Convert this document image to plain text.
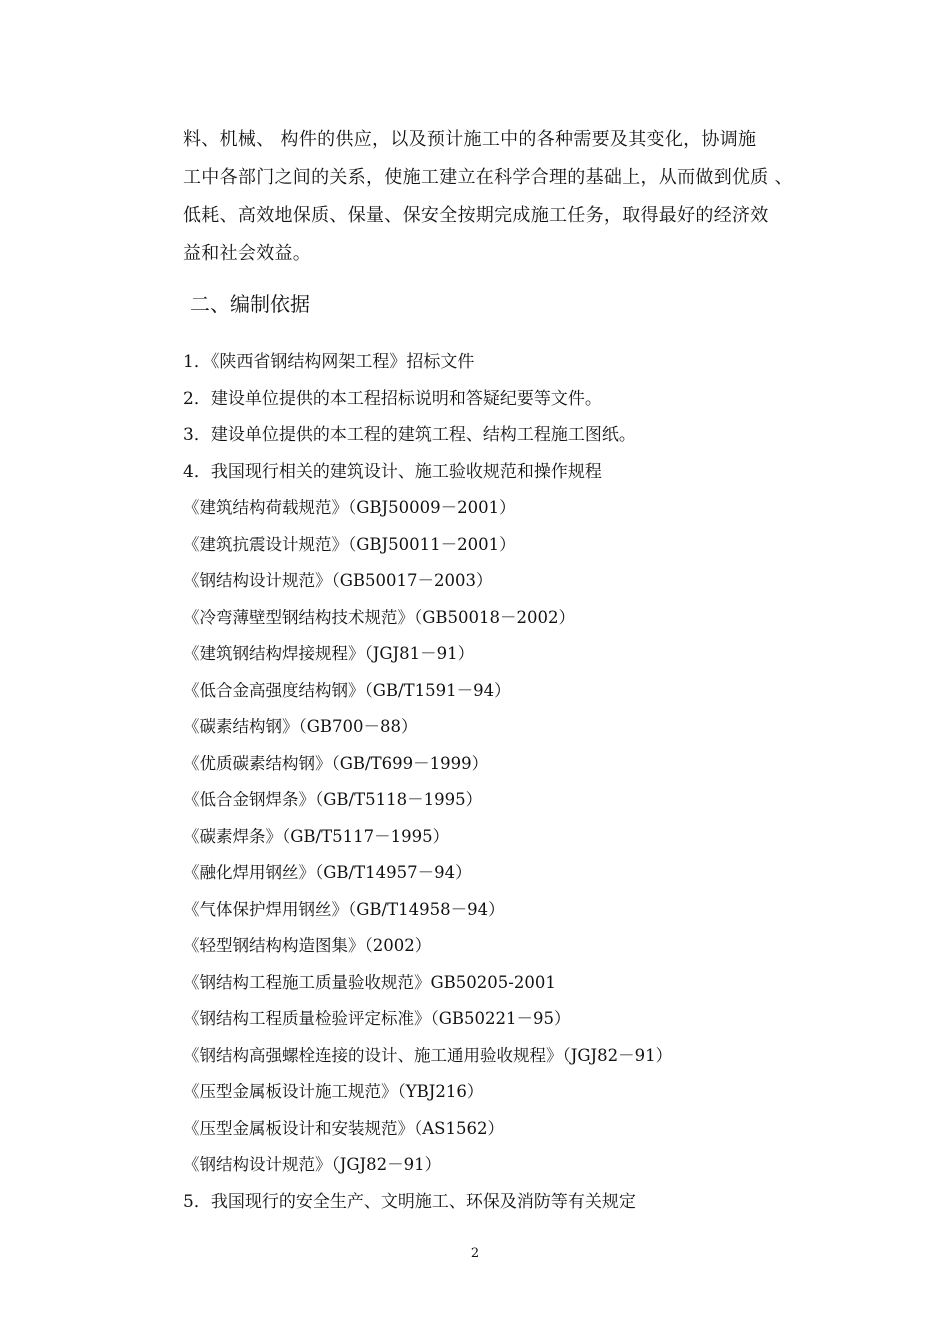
料、机械、 构件的供应，以及预计施工中的各种需要及其变化，协调施
工中各部门之间的关系，使施工建立在科学合理的基础上，从而做到优质 、
低耗、高效地保质、保量、保安全按期完成施工任务，取得最好的经济效
益和社会效益。
二、编制依据
1．《陕西省钢结构网架工程》招标文件
2．建设单位提供的本工程招标说明和答疑纪要等文件。
3．建设单位提供的本工程的建筑工程、结构工程施工图纸。
4．我国现行相关的建筑设计、施工验收规范和操作规程
《建筑结构荷载规范》（GBJ50009－2001）
《建筑抗震设计规范》（GBJ50011－2001）
《钢结构设计规范》（GB50017－2003）
《冷弯薄壁型钢结构技术规范》（GB50018－2002）
《建筑钢结构焊接规程》（JGJ81－91）
《低合金高强度结构钢》（GB/T1591－94）
《碳素结构钢》（GB700－88）
《优质碳素结构钢》（GB/T699－1999）
《低合金钢焊条》（GB/T5118－1995）
《碳素焊条》（GB/T5117－1995）
《融化焊用钢丝》（GB/T14957－94）
《气体保护焊用钢丝》（GB/T14958－94）
《轻型钢结构构造图集》（2002）
《钢结构工程施工质量验收规范》GB50205-2001
《钢结构工程质量检验评定标准》（GB50221－95）
《钢结构高强螺栓连接的设计、施工通用验收规程》（JGJ82－91）
《压型金属板设计施工规范》（YBJ216）
《压型金属板设计和安装规范》（AS1562）
《钢结构设计规范》（JGJ82－91）
5．我国现行的安全生产、文明施工、环保及消防等有关规定
2
